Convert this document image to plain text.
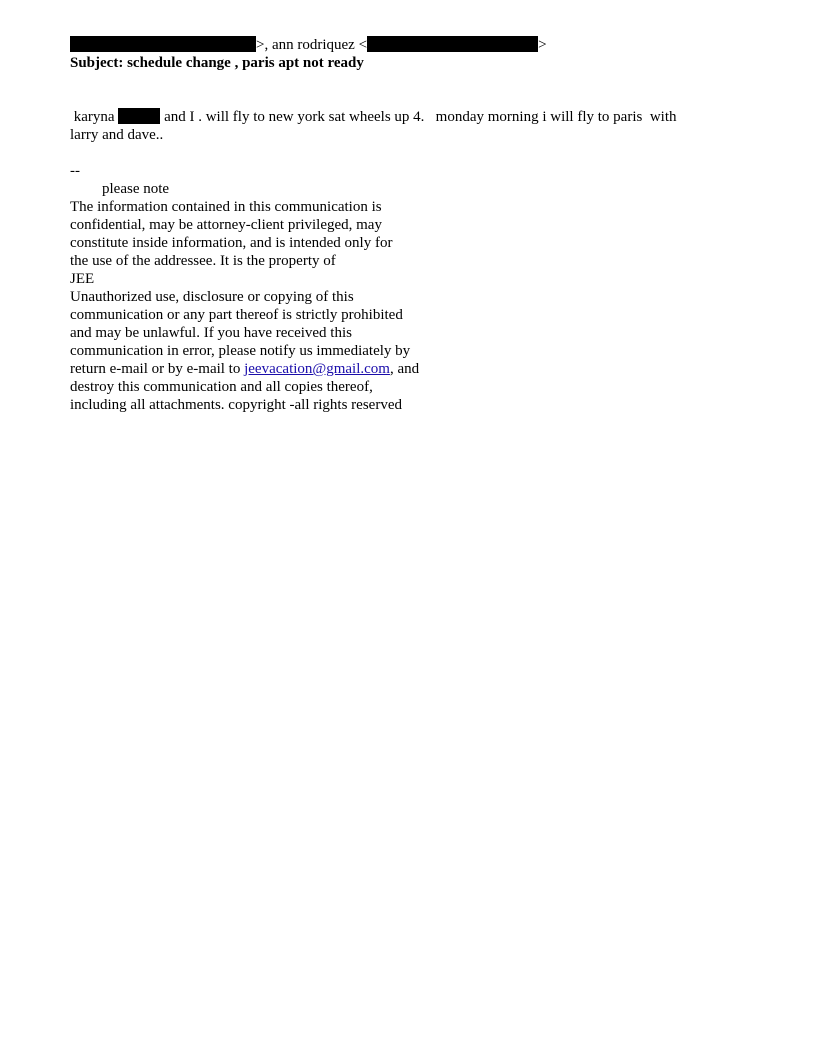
>, ann rodriquez <	>
Subject: schedule change , paris apt not ready
karyna	and I . will fly to new york sat wheels up 4.   monday morning i will fly to paris  with
larry and dave..
--
please note
The information contained in this communication is
confidential, may be attorney-client privileged, may
constitute inside information, and is intended only for
the use of the addressee. It is the property of
JEE
Unauthorized use, disclosure or copying of this
communication or any part thereof is strictly prohibited
and may be unlawful. If you have received this
communication in error, please notify us immediately by
return e-mail or by e-mail to jeevacation@gmail.com, and
destroy this communication and all copies thereof,
including all attachments. copyright -all rights reserved
